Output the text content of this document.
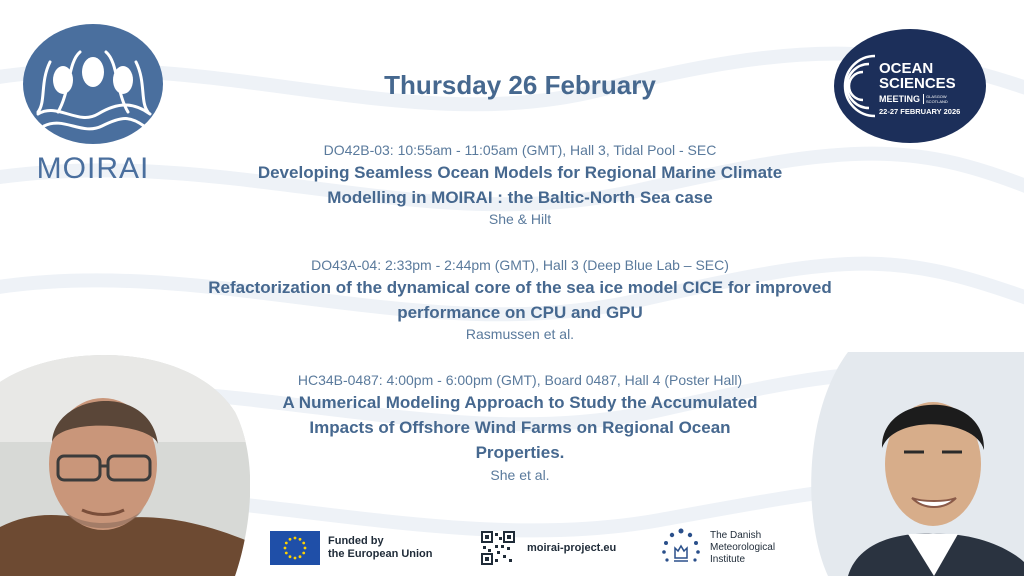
MOIRAI
OCEAN
SCIENCES
MEETING GLASGOW
SCOTLAND
22-27 FEBRUARY 2026
Thursday 26 February
DO42B-03: 10:55am - 11:05am (GMT), Hall 3, Tidal Pool - SEC
Developing Seamless Ocean Models for Regional Marine Climate
Modelling in MOIRAI : the Baltic-North Sea case
She & Hilt
DO43A-04: 2:33pm - 2:44pm (GMT), Hall 3 (Deep Blue Lab – SEC)
Refactorization of the dynamical core of the sea ice model CICE for improved
performance on CPU and GPU
Rasmussen et al.
HC34B-0487: 4:00pm - 6:00pm (GMT), Board 0487, Hall 4 (Poster Hall)
A Numerical Modeling Approach to Study the Accumulated
Impacts of Offshore Wind Farms on Regional Ocean
Properties.
She et al.
Funded by
the European Union
moirai-project.eu
The Danish
Meteorological
Institute
